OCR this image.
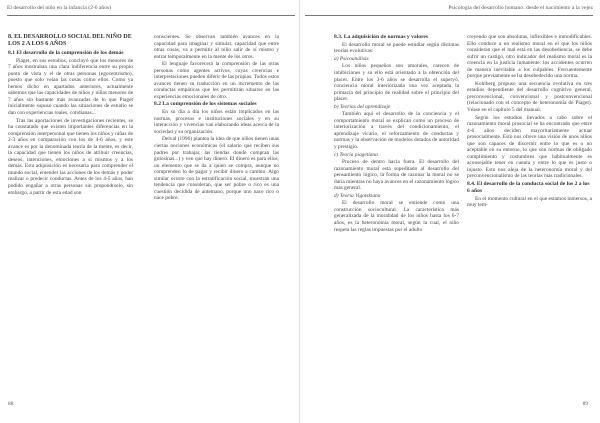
El desarrollo del niño en la infancia (2-6 años)

8. EL DESARROLLO SOCIAL DEL NIÑO DE LOS 2 A LOS 6 AÑOS

8.1 El desarrollo de la comprensión de los demás

Piaget, en sus estudios, concluyó que los menores de 7 años mostraban una clara indiferencia entre su propio punto de vista y el de otras personas (egocentrismo), puesto que solo veían las cosas como ellos. Como ya hemos dicho en apartados anteriores, actualmente sabemos que las capacidades de niños y niñas menores de 7 años sin bastante más avanzadas de lo que Piaget inicialmente supuso cuando las situaciones de estudio se dan con experiencias reales, cotidianas...

Tras las aportaciones de investigaciones recientes, se ha constatado que existen importantes diferencias en la comprensión interpersonal que tienen los niños y niñas de 2-3 años en comparación con los de 4-6 años, y este avance es por la denominada teoría de la mente, es decir, la capacidad que tienen los niños de atribuir creencias, deseos, intenciones, emociones a sí mismos y a los demás. Esta adquisición es necesaria para comprender el mundo social, entender las acciones de los demás y poder realizar o predecir conductas. Antes de los 4-5 años, han podido engañar a otras personas sin propondrselo, sin embargo, a partir de esta edad son

conscientes. Se observan también avances en la capacidad para imaginar y simular, capacidad que entre otras cosas, va a permitir al niño salir de sí mismo y entrar temporalmente en la mente de los otros.

El lenguaje favorecerá la comprensión de las otras personas como agentes activos, cuyas creencias e interpretaciones pueden diferir de las propias. Todos estos avances tienen su traducción en un incremento de las conductas empáticas que les permitirán situarse en las experiencias emocionales de otro.

8.2 La comprensión de los sistemas sociales

En su día a día los niños están implicados en las normas, procesos e instituciones sociales y en su interacción y vivencias van elaborando ideas acerca de la sociedad y su organización.

Delval (1996) plantea la idea de que niños tienen unas ciertas nociones económicas (el salario que reciben sus padres por trabajar, las tiendas donde compran las golosinas...) y ven que hay dinero. El dinero es para ellos, un elemento que se da a quien se compra, aunque no comprenden lo de pagar y recibir dinero a cambio. Algo similar ocurre con la estratificación social, muestran una tendencia que consideran, que ser pobre o rico es una cuestión decidida de antemano, porque uno nace rico o nace pobre.

88
Psicología del desarrollo humano: desde el nacimiento a la vejez

8.3. La adquisición de normas y valores

El desarrollo moral se puede estudiar según distintas teorías evolutivas:

a) Psicoanálisis

Los niños pequeños son amorales, carecen de inhibiciones y su ello está orientado a la obtención del placer. Entre los 3-6 años se desarrolla el superyó, conciencia moral interiorizada una vez aceptada la primacía del principio de realidad sobre el principio del placer.

b) Teorías del aprendizaje

También aquí el desarrollo de la conciencia y el comportamiento moral se explican como un proceso de interiorización a través del condicionamiento, el aprendizaje vicario, el reforzamiento de conductas y normas y la observación de modelos dotados de autoridad y prestigio.

c) Teoría piagetiana

Proceso de dentro hacia fuera. El desarrollo del razonamiento moral está supeditado al desarrollo del pensamiento lógico, la forma de razonar la moral no se daría mientras no haya avances en el razonamiento lógico más general.

d) Teoría Vigotskiana

El desarrollo moral se entiende como una construcción sociocultural. La característica más generalizada de la moralidad de los niños hasta los 6-7 años, es la heteronomía moral, según la cual, el niño respeta las reglas impuestas por el adulto

creyendo que son absolutas, inflexibles e inmodificables. Ello conduce a un realismo moral en el que los niños consideran que el mal está en las desobediencia, se debe sufrir un castigo, otro indicador del realismo moral es la creencia en la justicia inmanente: los accidentes ocurren de manera inevitable a los culpables. Frecuentemente porque previamente se ha desobedecido una norma.

Kohlberg propuso una secuencia evolutiva en tres estadios dependiente del desarrollo cognitivo general, preconvencional, convencional y postconvencional (relacionado con el concepto de heteronomía de Piaget). Véase en el capítulo 5 del manual.

Según los estudios llevados a cabo sobre el razonamiento moral prosocial se ha encontrado que entre 4-6 años deciden mayoritariamente actuar prosocialmente. Esto nos ofrece una visión de unos niños que son capaces de discernir entre lo que es o no aceptable en su entorno, lo que son normas de obligado cumplimiento y costumbres que habitualmente es aconsejable tener en cuenta y entre lo que es justo o injusto. Esto nos aleja de la heteronomía moral y del preconvencionalismo de las teorías más tradicionales.

8.4. El desarrollo de la conducta social de los 2 a los 6 años

En el momento cultural en el que estamos inmersos, a muy tem-

89
